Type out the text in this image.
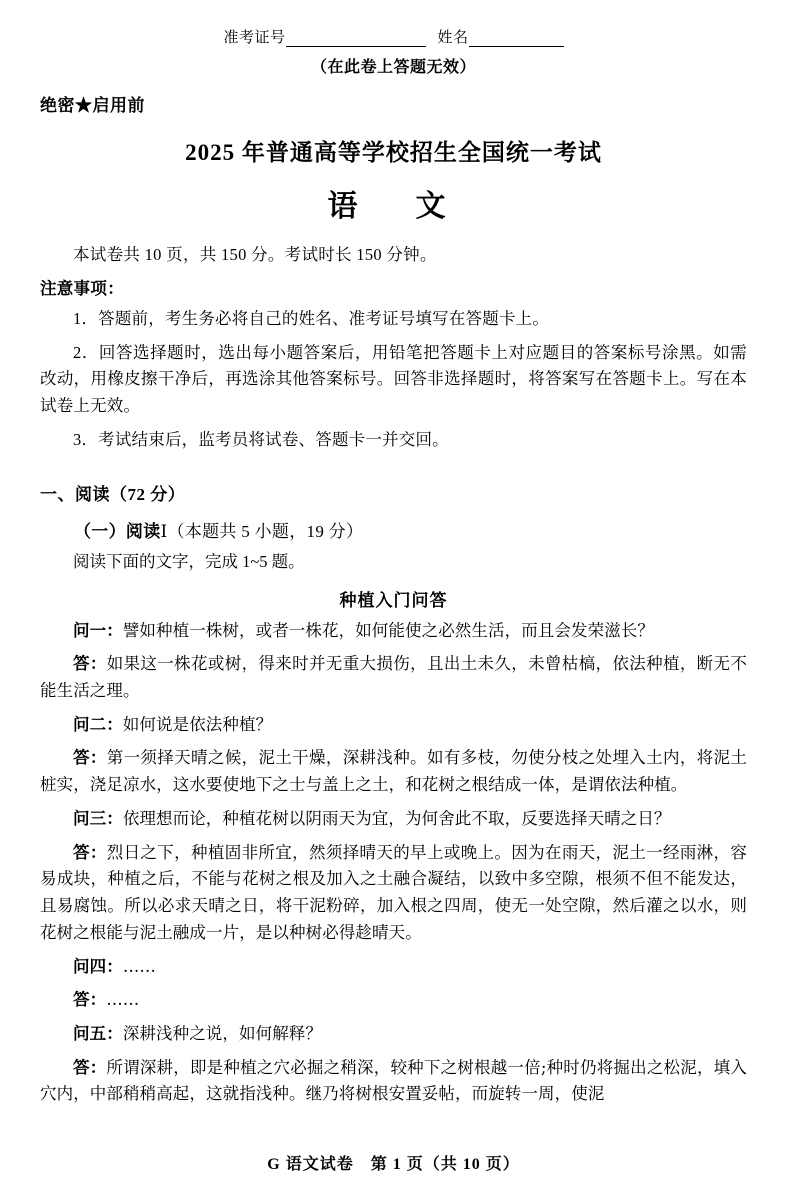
准考证号	姓名
（在此卷上答题无效）
绝密★启用前
2025 年普通高等学校招生全国统一考试
语　文
本试卷共 10 页，共 150 分。考试时长 150 分钟。
注意事项：
1．答题前，考生务必将自己的姓名、准考证号填写在答题卡上。
2．回答选择题时，选出每小题答案后，用铅笔把答题卡上对应题目的答案标号涂黑。如需改动，用橡皮擦干净后，再选涂其他答案标号。回答非选择题时，将答案写在答题卡上。写在本试卷上无效。
3．考试结束后，监考员将试卷、答题卡一并交回。
一、阅读（72 分）
（一）阅读Ⅰ（本题共 5 小题，19 分）
阅读下面的文字，完成 1~5 题。
种植入门问答
问一：譬如种植一株树，或者一株花，如何能使之必然生活，而且会发荣滋长？
答：如果这一株花或树，得来时并无重大损伤，且出土未久，未曾枯槁，依法种植，断无不能生活之理。
问二：如何说是依法种植？
答：第一须择天晴之候，泥土干燥，深耕浅种。如有多枝，勿使分枝之处埋入土内，将泥土桩实，浇足凉水，这水要使地下之士与盖上之土，和花树之根结成一体，是谓依法种植。
问三：依理想而论，种植花树以阴雨天为宜，为何舍此不取，反要选择天晴之日？
答：烈日之下，种植固非所宜，然须择晴天的早上或晚上。因为在雨天，泥土一经雨淋，容易成块，种植之后，不能与花树之根及加入之土融合凝结，以致中多空隙，根须不但不能发达，且易腐蚀。所以必求天晴之日，将干泥粉碎，加入根之四周，使无一处空隙，然后灌之以水，则花树之根能与泥土融成一片，是以种树必得趁晴天。
问四：……
答：……
问五：深耕浅种之说，如何解释？
答：所谓深耕，即是种植之穴必掘之稍深，较种下之树根越一倍;种时仍将掘出之松泥，填入穴内，中部稍稍高起，这就指浅种。继乃将树根安置妥帖，而旋转一周，使泥
G 语文试卷　第 1 页（共 10 页）
